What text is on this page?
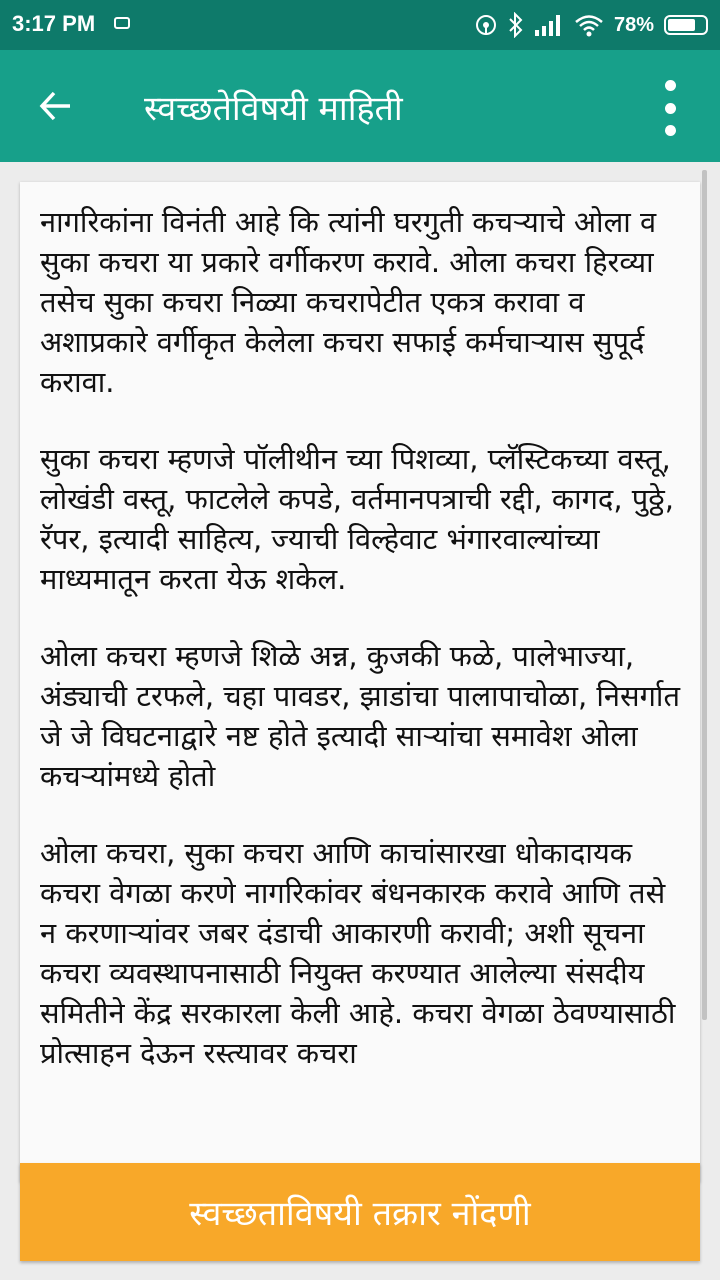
3:17 PM	78%
स्वच्छतेविषयी माहिती

नागरिकांना विनंती आहे कि त्यांनी घरगुती कचऱ्याचे ओला व सुका कचरा या प्रकारे वर्गीकरण करावे. ओला कचरा हिरव्या तसेच सुका कचरा निळ्या कचरापेटीत एकत्र करावा व अशाप्रकारे वर्गीकृत केलेला कचरा सफाई कर्मचाऱ्यास सुपूर्द करावा.

सुका कचरा म्हणजे पॉलीथीन च्या पिशव्या, प्लॅस्टिकच्या वस्तू, लोखंडी वस्तू, फाटलेले कपडे, वर्तमानपत्राची रद्दी, कागद, पुठ्ठे, रॅपर, इत्यादी साहित्य, ज्याची विल्हेवाट भंगारवाल्यांच्या माध्यमातून करता येऊ शकेल.

ओला कचरा म्हणजे शिळे अन्न, कुजकी फळे, पालेभाज्या, अंड्याची टरफले, चहा पावडर, झाडांचा पालापाचोळा, निसर्गात जे जे विघटनाद्वारे नष्ट होते इत्यादी साऱ्यांचा समावेश ओला कचऱ्यांमध्ये होतो

ओला कचरा, सुका कचरा आणि काचांसारखा धोकादायक कचरा वेगळा करणे नागरिकांवर बंधनकारक करावे आणि तसे न करणाऱ्यांवर जबर दंडाची आकारणी करावी; अशी सूचना कचरा व्यवस्थापनासाठी नियुक्त करण्यात आलेल्या संसदीय समितीने केंद्र सरकारला केली आहे. कचरा वेगळा ठेवण्यासाठी प्रोत्साहन देऊन रस्त्यावर कचरा

स्वच्छताविषयी तक्रार नोंदणी
